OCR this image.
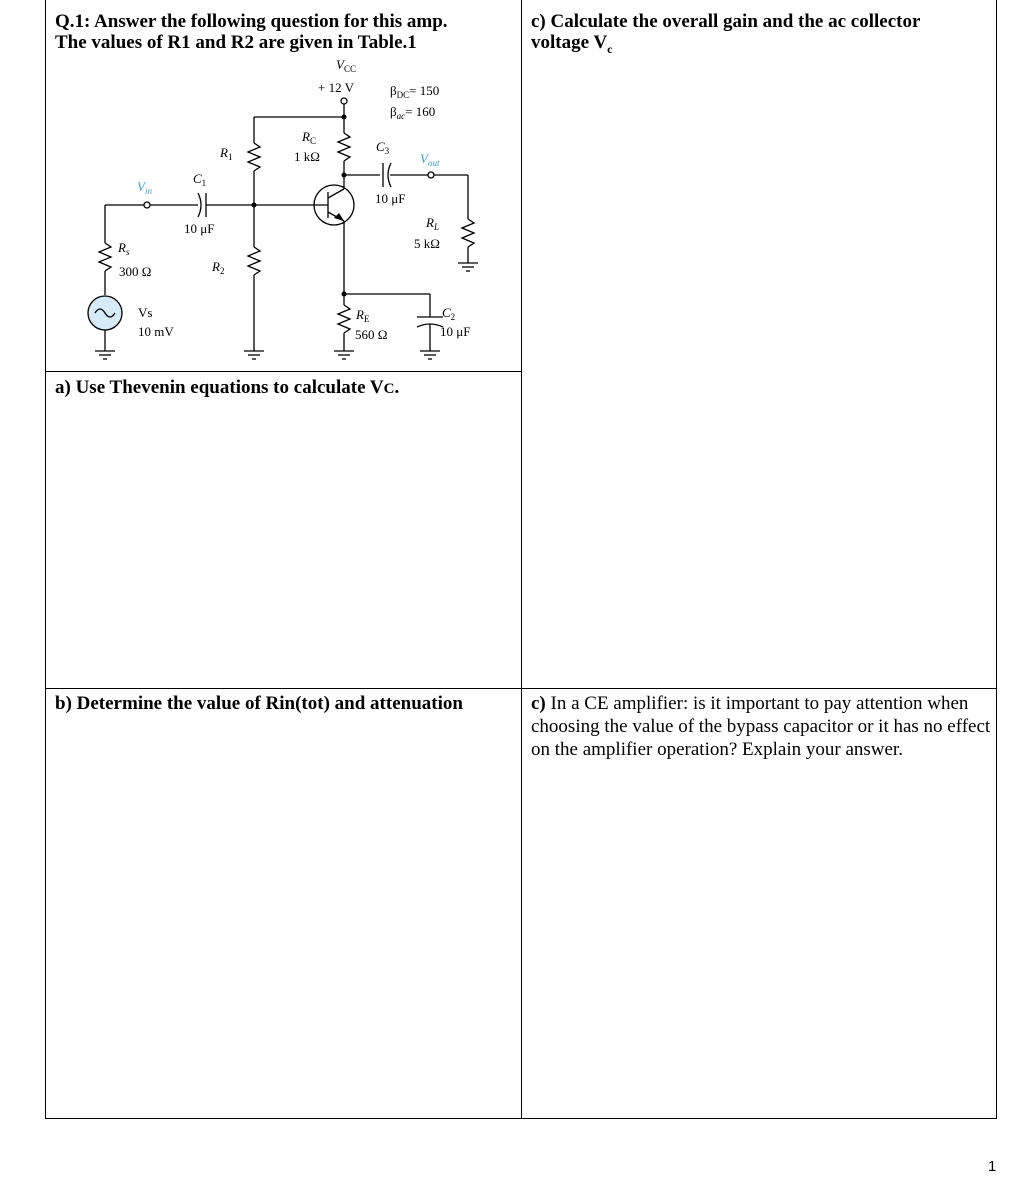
Q.1: Answer the following question for this amp.
The values of R1 and R2 are given in Table.1
$V_{CC}$
+ 12 V	$\beta_{DC}= 150$
$\beta_{ac}= 160$
$R_C$
1 kΩ
$R_1$
$R_2$
$C_1$
10 μF
$C_3$
10 μF
$V_{in}$
$V_{out}$
$R_L$
5 kΩ
$R_s$
300 Ω
Vs
10 mV
$R_E$
560 Ω
$C_2$
10 μF
a) Use Thevenin equations to calculate VC.
b) Determine the value of Rin(tot) and attenuation
c) Calculate the overall gain and the ac collector
voltage $V_c$
c) In a CE amplifier: is it important to pay attention when choosing the value of the bypass capacitor or it has no effect on the amplifier operation? Explain your answer.
1
